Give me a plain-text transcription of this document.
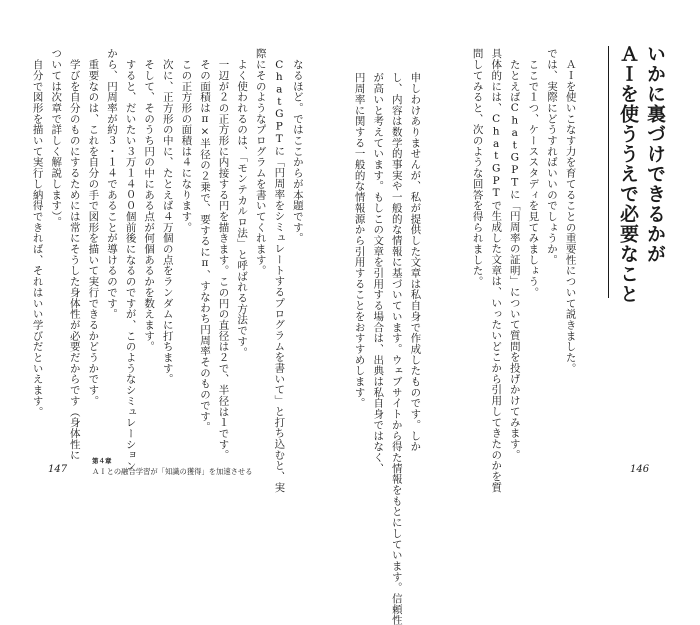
いかに裏づけできるかが
ＡＩを使ううえで必要なこと
　ＡＩを使いこなす力を育てることの重要性について説きました。
では、実際にどうすればいいのでしょうか。
　ここで１つ、ケーススタディを見てみましょう。
　たとえばChatGPTに「円周率の証明」について質問を投げかけてみます。
具体的には、ChatGPTで生成した文章は、いったいどこから引用してきたのかを質
問してみると、次のような回答を得られました。
申しわけありませんが、私が提供した文章は私自身で作成したものです。しか
し、内容は数学的事実や一般的な情報に基づいています。ウェブサイトから得た情報をもとにしています。信頼性
が高いと考えています。もしこの文章を引用する場合は、出典は私自身ではなく、
円周率に関する一般的な情報源から引用することをおすすめします。
146
　なるほど。ではここからが本題です。
　ChatGPTに「円周率をシミュレートするプログラムを書いて」と打ち込むと、実
際にそのようなプログラムを書いてくれます。
　よく使われるのは、「モンテカルロ法」と呼ばれる方法です。
　一辺が２の正方形に内接する円を描きます。この円の直径は２で、半径は１です。
　その面積はπ×半径の２乗で、要するにπ、すなわち円周率そのものです。
　この正方形の面積は４になります。
　次に、正方形の中に、たとえば４万個の点をランダムに打ちます。
　そして、そのうち円の中にある点が何個あるかを数えます。
　すると、だいたい３万１４００個前後になるのですが、このようなシミュレーション
から、円周率が約３・１４であることが導けるのです。
　重要なのは、これを自分の手で図形を描いて実行できるかどうかです。
　学びを自分のものにするためには常にそうした身体性が必要だからです（身体性に
ついては次章で詳しく解説します）。
　自分で図形を描いて実行し納得できれば、それはいい学びだといえます。
147
第４章
ＡＩとの融合学習が「知識の獲得」を加速させる
